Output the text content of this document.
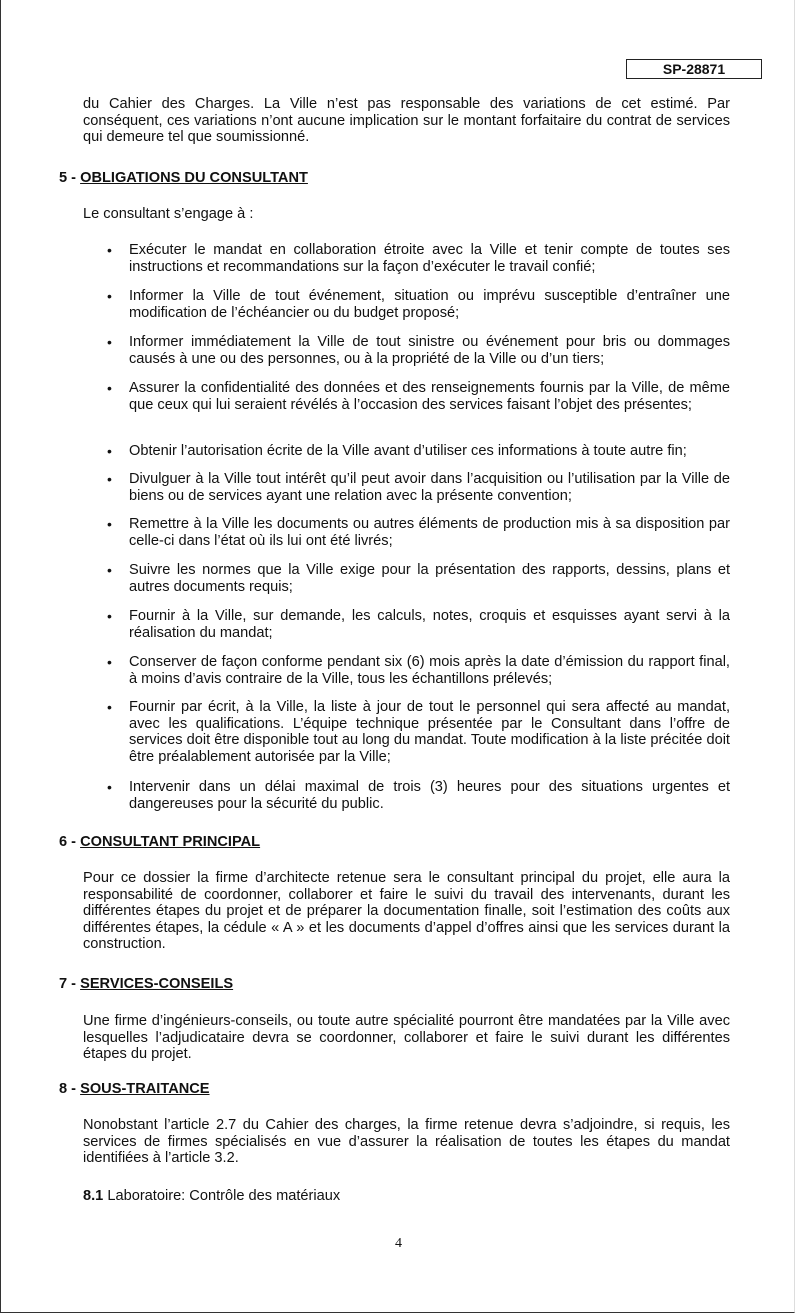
SP-28871

du Cahier des Charges. La Ville n’est pas responsable des variations de cet estimé. Par conséquent, ces variations n’ont aucune implication sur le montant forfaitaire du contrat de services qui demeure tel que soumissionné.

5 - OBLIGATIONS DU CONSULTANT

Le consultant s’engage à :

• Exécuter le mandat en collaboration étroite avec la Ville et tenir compte de toutes ses instructions et recommandations sur la façon d’exécuter le travail confié;
• Informer la Ville de tout événement, situation ou imprévu susceptible d’entraîner une modification de l’échéancier ou du budget proposé;
• Informer immédiatement la Ville de tout sinistre ou événement pour bris ou dommages causés à une ou des personnes, ou à la propriété de la Ville ou d’un tiers;
• Assurer la confidentialité des données et des renseignements fournis par la Ville, de même que ceux qui lui seraient révélés à l’occasion des services faisant l’objet des présentes;
• Obtenir l’autorisation écrite de la Ville avant d’utiliser ces informations à toute autre fin;
• Divulguer à la Ville tout intérêt qu’il peut avoir dans l’acquisition ou l’utilisation par la Ville de biens ou de services ayant une relation avec la présente convention;
• Remettre à la Ville les documents ou autres éléments de production mis à sa disposition par celle-ci dans l’état où ils lui ont été livrés;
• Suivre les normes que la Ville exige pour la présentation des rapports, dessins, plans et autres documents requis;
• Fournir à la Ville, sur demande, les calculs, notes, croquis et esquisses ayant servi à la réalisation du mandat;
• Conserver de façon conforme pendant six (6) mois après la date d’émission du rapport final, à moins d’avis contraire de la Ville, tous les échantillons prélevés;
• Fournir par écrit, à la Ville, la liste à jour de tout le personnel qui sera affecté au mandat, avec les qualifications. L’équipe technique présentée par le Consultant dans l’offre de services doit être disponible tout au long du mandat. Toute modification à la liste précitée doit être préalablement autorisée par la Ville;
• Intervenir dans un délai maximal de trois (3) heures pour des situations urgentes et dangereuses pour la sécurité du public.
6 - CONSULTANT PRINCIPAL

Pour ce dossier la firme d’architecte retenue sera le consultant principal du projet, elle aura la responsabilité de coordonner, collaborer et faire le suivi du travail des intervenants, durant les différentes étapes du projet et de préparer la documentation finalle, soit l’estimation des coûts aux différentes étapes, la cédule « A » et les documents d’appel d’offres ainsi que les services durant la construction.

7 - SERVICES-CONSEILS

Une firme d’ingénieurs-conseils, ou toute autre spécialité pourront être mandatées par la Ville avec lesquelles l’adjudicataire devra se coordonner, collaborer et faire le suivi durant les différentes étapes du projet.

8 - SOUS-TRAITANCE

Nonobstant l’article 2.7 du Cahier des charges, la firme retenue devra s’adjoindre, si requis, les services de firmes spécialisés en vue d’assurer la réalisation de toutes les étapes du mandat identifiées à l’article 3.2.

8.1 Laboratoire: Contrôle des matériaux
4
